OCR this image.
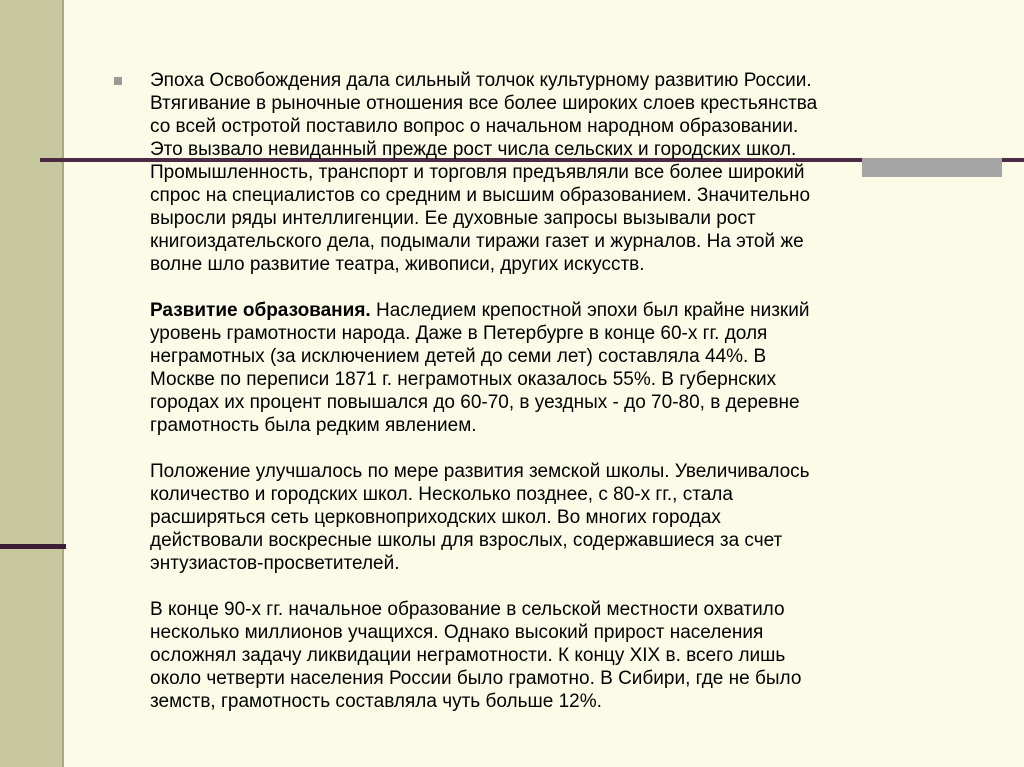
Эпоха Освобождения дала сильный толчок культурному развитию России.
Втягивание в рыночные отношения все более широких слоев крестьянства
со всей остротой поставило вопрос о начальном народном образовании.
Это вызвало невиданный прежде рост числа сельских и городских школ.
Промышленность, транспорт и торговля предъявляли все более широкий
спрос на специалистов со средним и высшим образованием. Значительно
выросли ряды интеллигенции. Ее духовные запросы вызывали рост
книгоиздательского дела, подымали тиражи газет и журналов. На этой же
волне шло развитие театра, живописи, других искусств.

Развитие образования. Наследием крепостной эпохи был крайне низкий
уровень грамотности народа. Даже в Петербурге в конце 60-х гг. доля
неграмотных (за исключением детей до семи лет) составляла 44%. В
Москве по переписи 1871 г. неграмотных оказалось 55%. В губернских
городах их процент повышался до 60-70, в уездных - до 70-80, в деревне
грамотность была редким явлением.

Положение улучшалось по мере развития земской школы. Увеличивалось
количество и городских школ. Несколько позднее, с 80-х гг., стала
расширяться сеть церковноприходских школ. Во многих городах
действовали воскресные школы для взрослых, содержавшиеся за счет
энтузиастов-просветителей.

В конце 90-х гг. начальное образование в сельской местности охватило
несколько миллионов учащихся. Однако высокий прирост населения
осложнял задачу ликвидации неграмотности. К концу XIX в. всего лишь
около четверти населения России было грамотно. В Сибири, где не было
земств, грамотность составляла чуть больше 12%.
